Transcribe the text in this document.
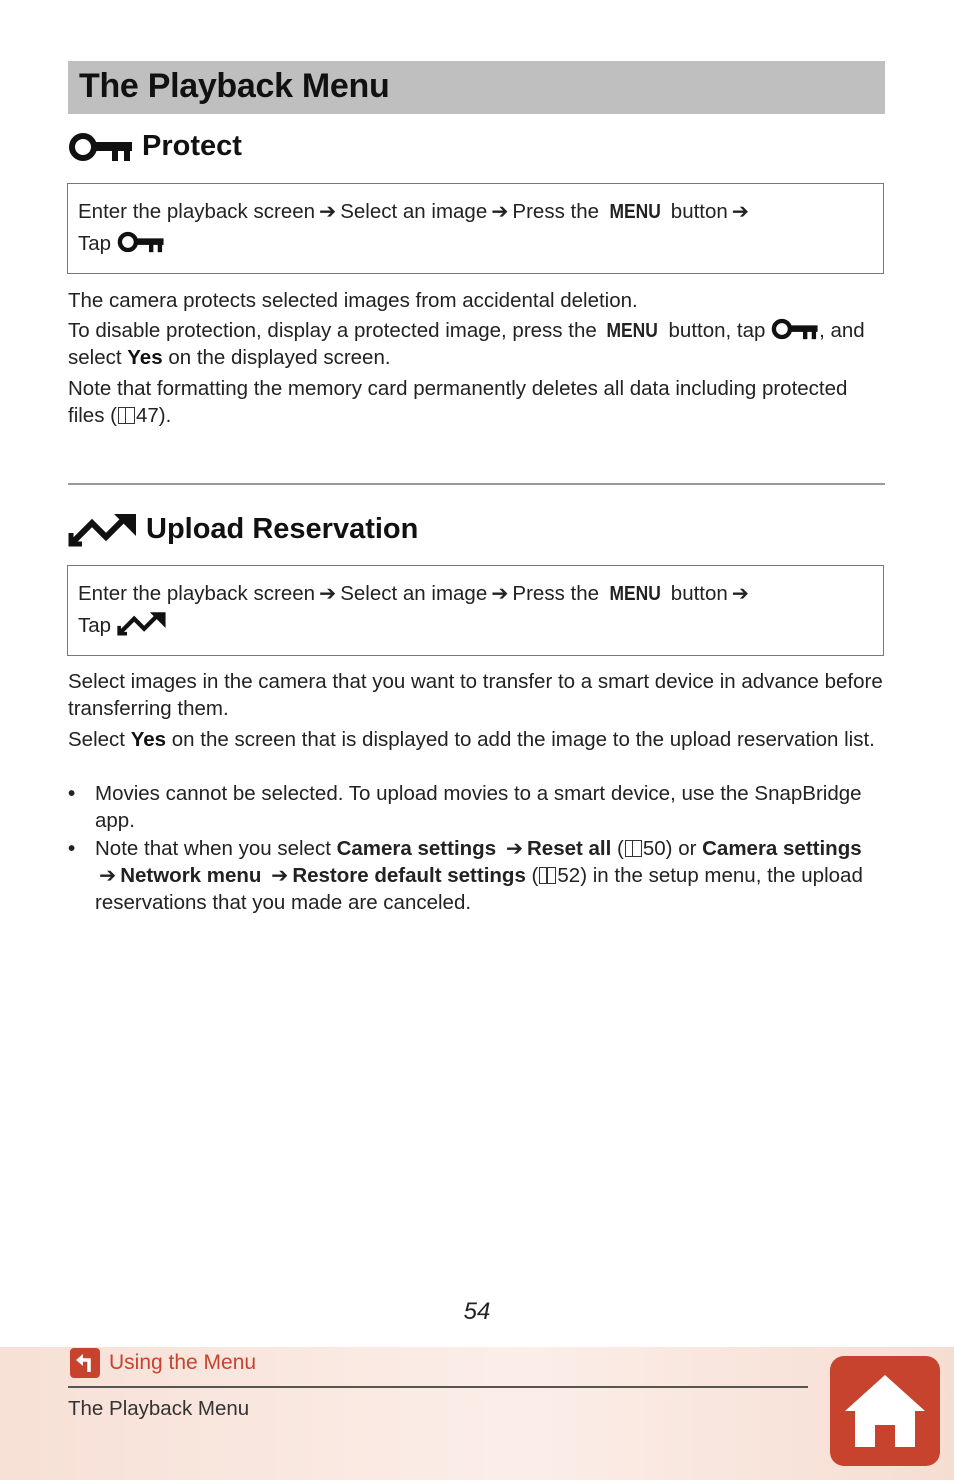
The Playback Menu
Protect
Enter the playback screen ➔ Select an image ➔ Press the MENU button ➔
Tap

The camera protects selected images from accidental deletion.

To disable protection, display a protected image, press the MENU button, tap	, and select Yes on the displayed screen.

Note that formatting the memory card permanently deletes all data including protected files ( 47).

Upload Reservation
Enter the playback screen ➔ Select an image ➔ Press the MENU button ➔
Tap

Select images in the camera that you want to transfer to a smart device in advance before transferring them.

Select Yes on the screen that is displayed to add the image to the upload reservation list.

• Movies cannot be selected. To upload movies to a smart device, use the SnapBridge app.
• Note that when you select Camera settings ➔ Reset all ( 50) or Camera settings ➔ Network menu ➔ Restore default settings ( 52) in the setup menu, the upload reservations that you made are canceled.
54
Using the Menu
The Playback Menu
